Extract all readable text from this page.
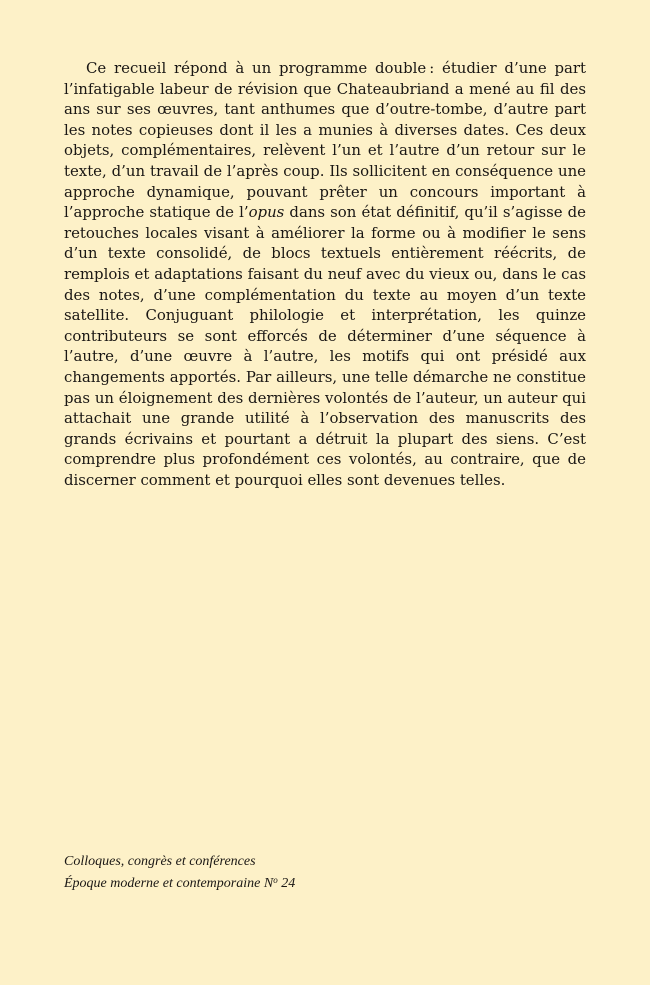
Ce recueil répond à un programme double : étudier d’une part l’infatigable labeur de révision que Chateaubriand a mené au fil des ans sur ses œuvres, tant anthumes que d’outre-tombe, d’autre part les notes copieuses dont il les a munies à diverses dates. Ces deux objets, complémentaires, relèvent l’un et l’autre d’un retour sur le texte, d’un travail de l’après coup. Ils sollicitent en conséquence une approche dynamique, pouvant prêter un concours important à l’approche statique de l’opus dans son état définitif, qu’il s’agisse de retouches locales visant à améliorer la forme ou à modifier le sens d’un texte consolidé, de blocs textuels entièrement réécrits, de remplois et adaptations faisant du neuf avec du vieux ou, dans le cas des notes, d’une complémentation du texte au moyen d’un texte satellite. Conjuguant philologie et interprétation, les quinze contributeurs se sont efforcés de déterminer d’une séquence à l’autre, d’une œuvre à l’autre, les motifs qui ont présidé aux changements apportés. Par ailleurs, une telle démarche ne constitue pas un éloignement des dernières volontés de l’auteur, un auteur qui attachait une grande utilité à l’observation des manuscrits des grands écrivains et pourtant a détruit la plupart des siens. C’est comprendre plus profondément ces volontés, au contraire, que de discerner comment et pourquoi elles sont devenues telles.

Colloques, congrès et conférences
Époque moderne et contemporaine $N^o$ 24
